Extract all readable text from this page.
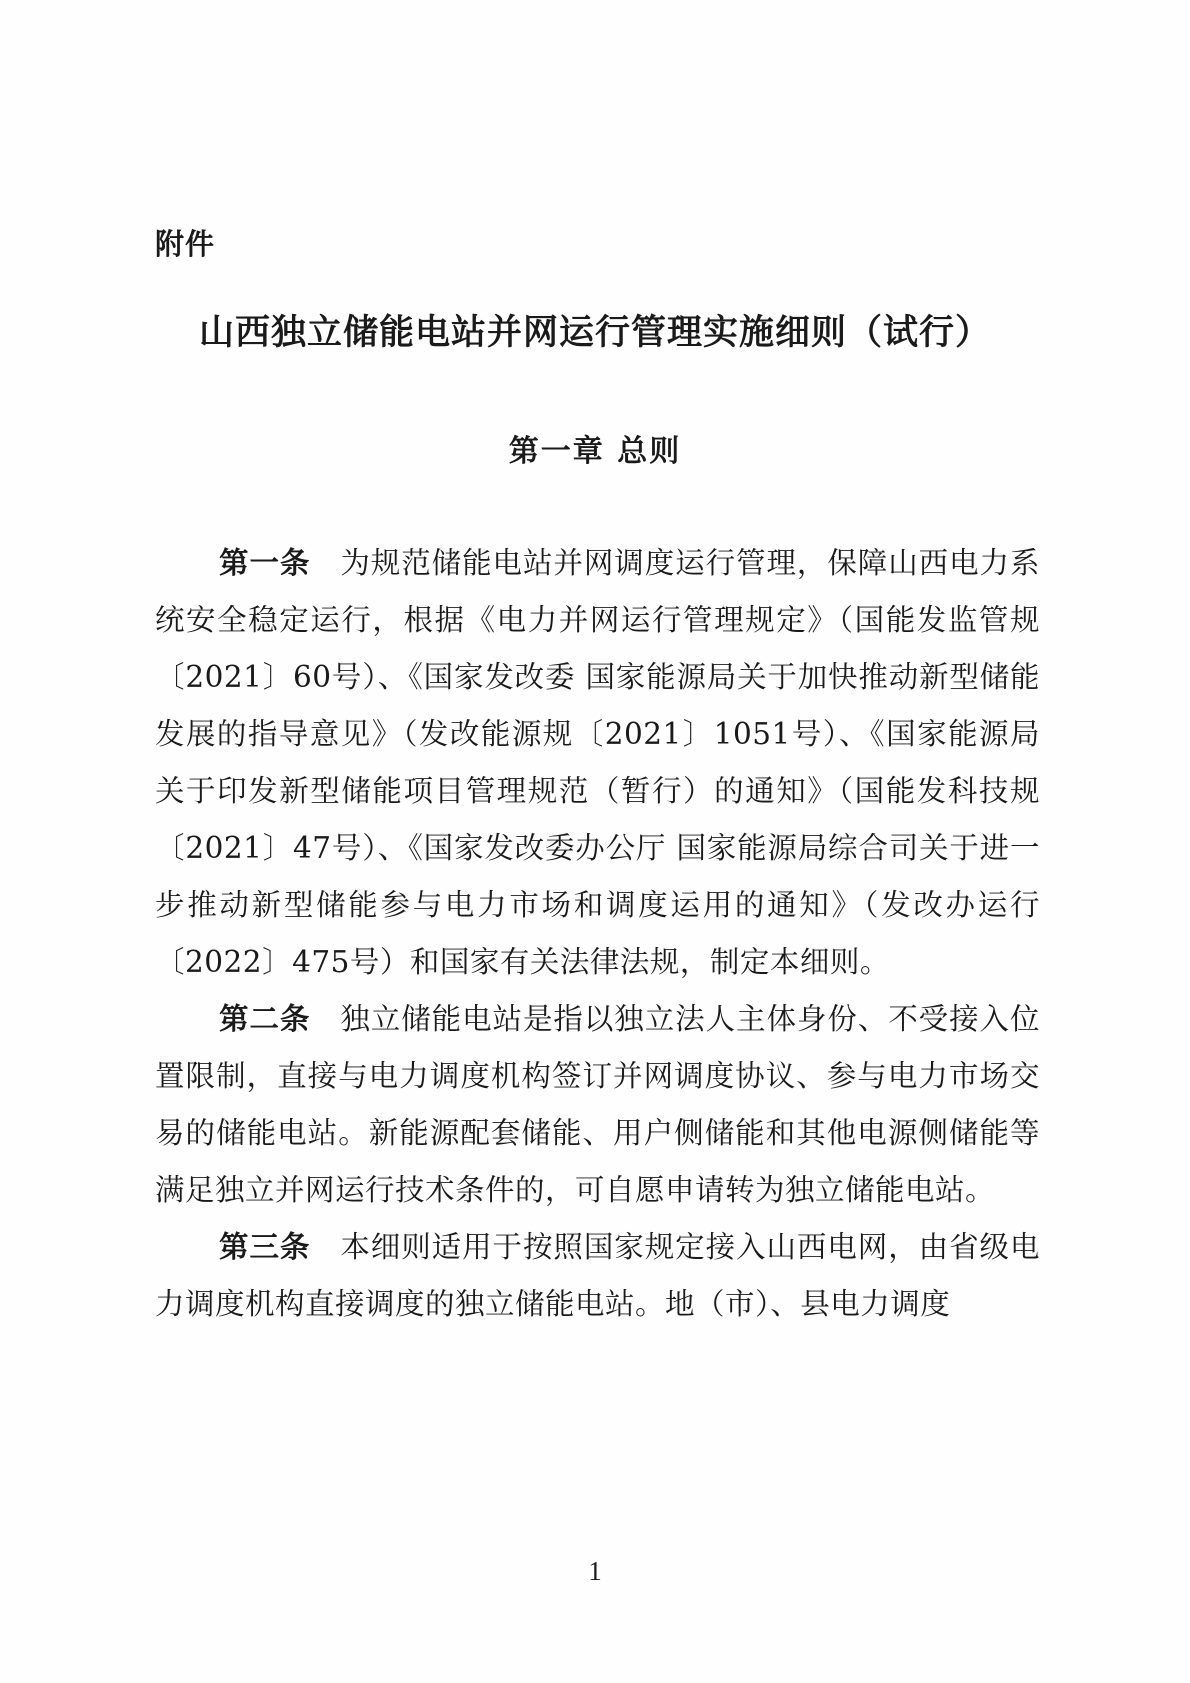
附件
山西独立储能电站并网运行管理实施细则（试行）
第一章 总则

第一条 为规范储能电站并网调度运行管理，保障山西电力系统安全稳定运行，根据《电力并网运行管理规定》（国能发监管规〔2021〕60号）、《国家发改委 国家能源局关于加快推动新型储能发展的指导意见》（发改能源规〔2021〕1051号）、《国家能源局关于印发新型储能项目管理规范（暂行）的通知》（国能发科技规〔2021〕47号）、《国家发改委办公厅 国家能源局综合司关于进一步推动新型储能参与电力市场和调度运用的通知》（发改办运行〔2022〕475号）和国家有关法律法规，制定本细则。

第二条 独立储能电站是指以独立法人主体身份、不受接入位置限制，直接与电力调度机构签订并网调度协议、参与电力市场交易的储能电站。新能源配套储能、用户侧储能和其他电源侧储能等满足独立并网运行技术条件的，可自愿申请转为独立储能电站。

第三条 本细则适用于按照国家规定接入山西电网，由省级电力调度机构直接调度的独立储能电站。地（市）、县电力调度

1
